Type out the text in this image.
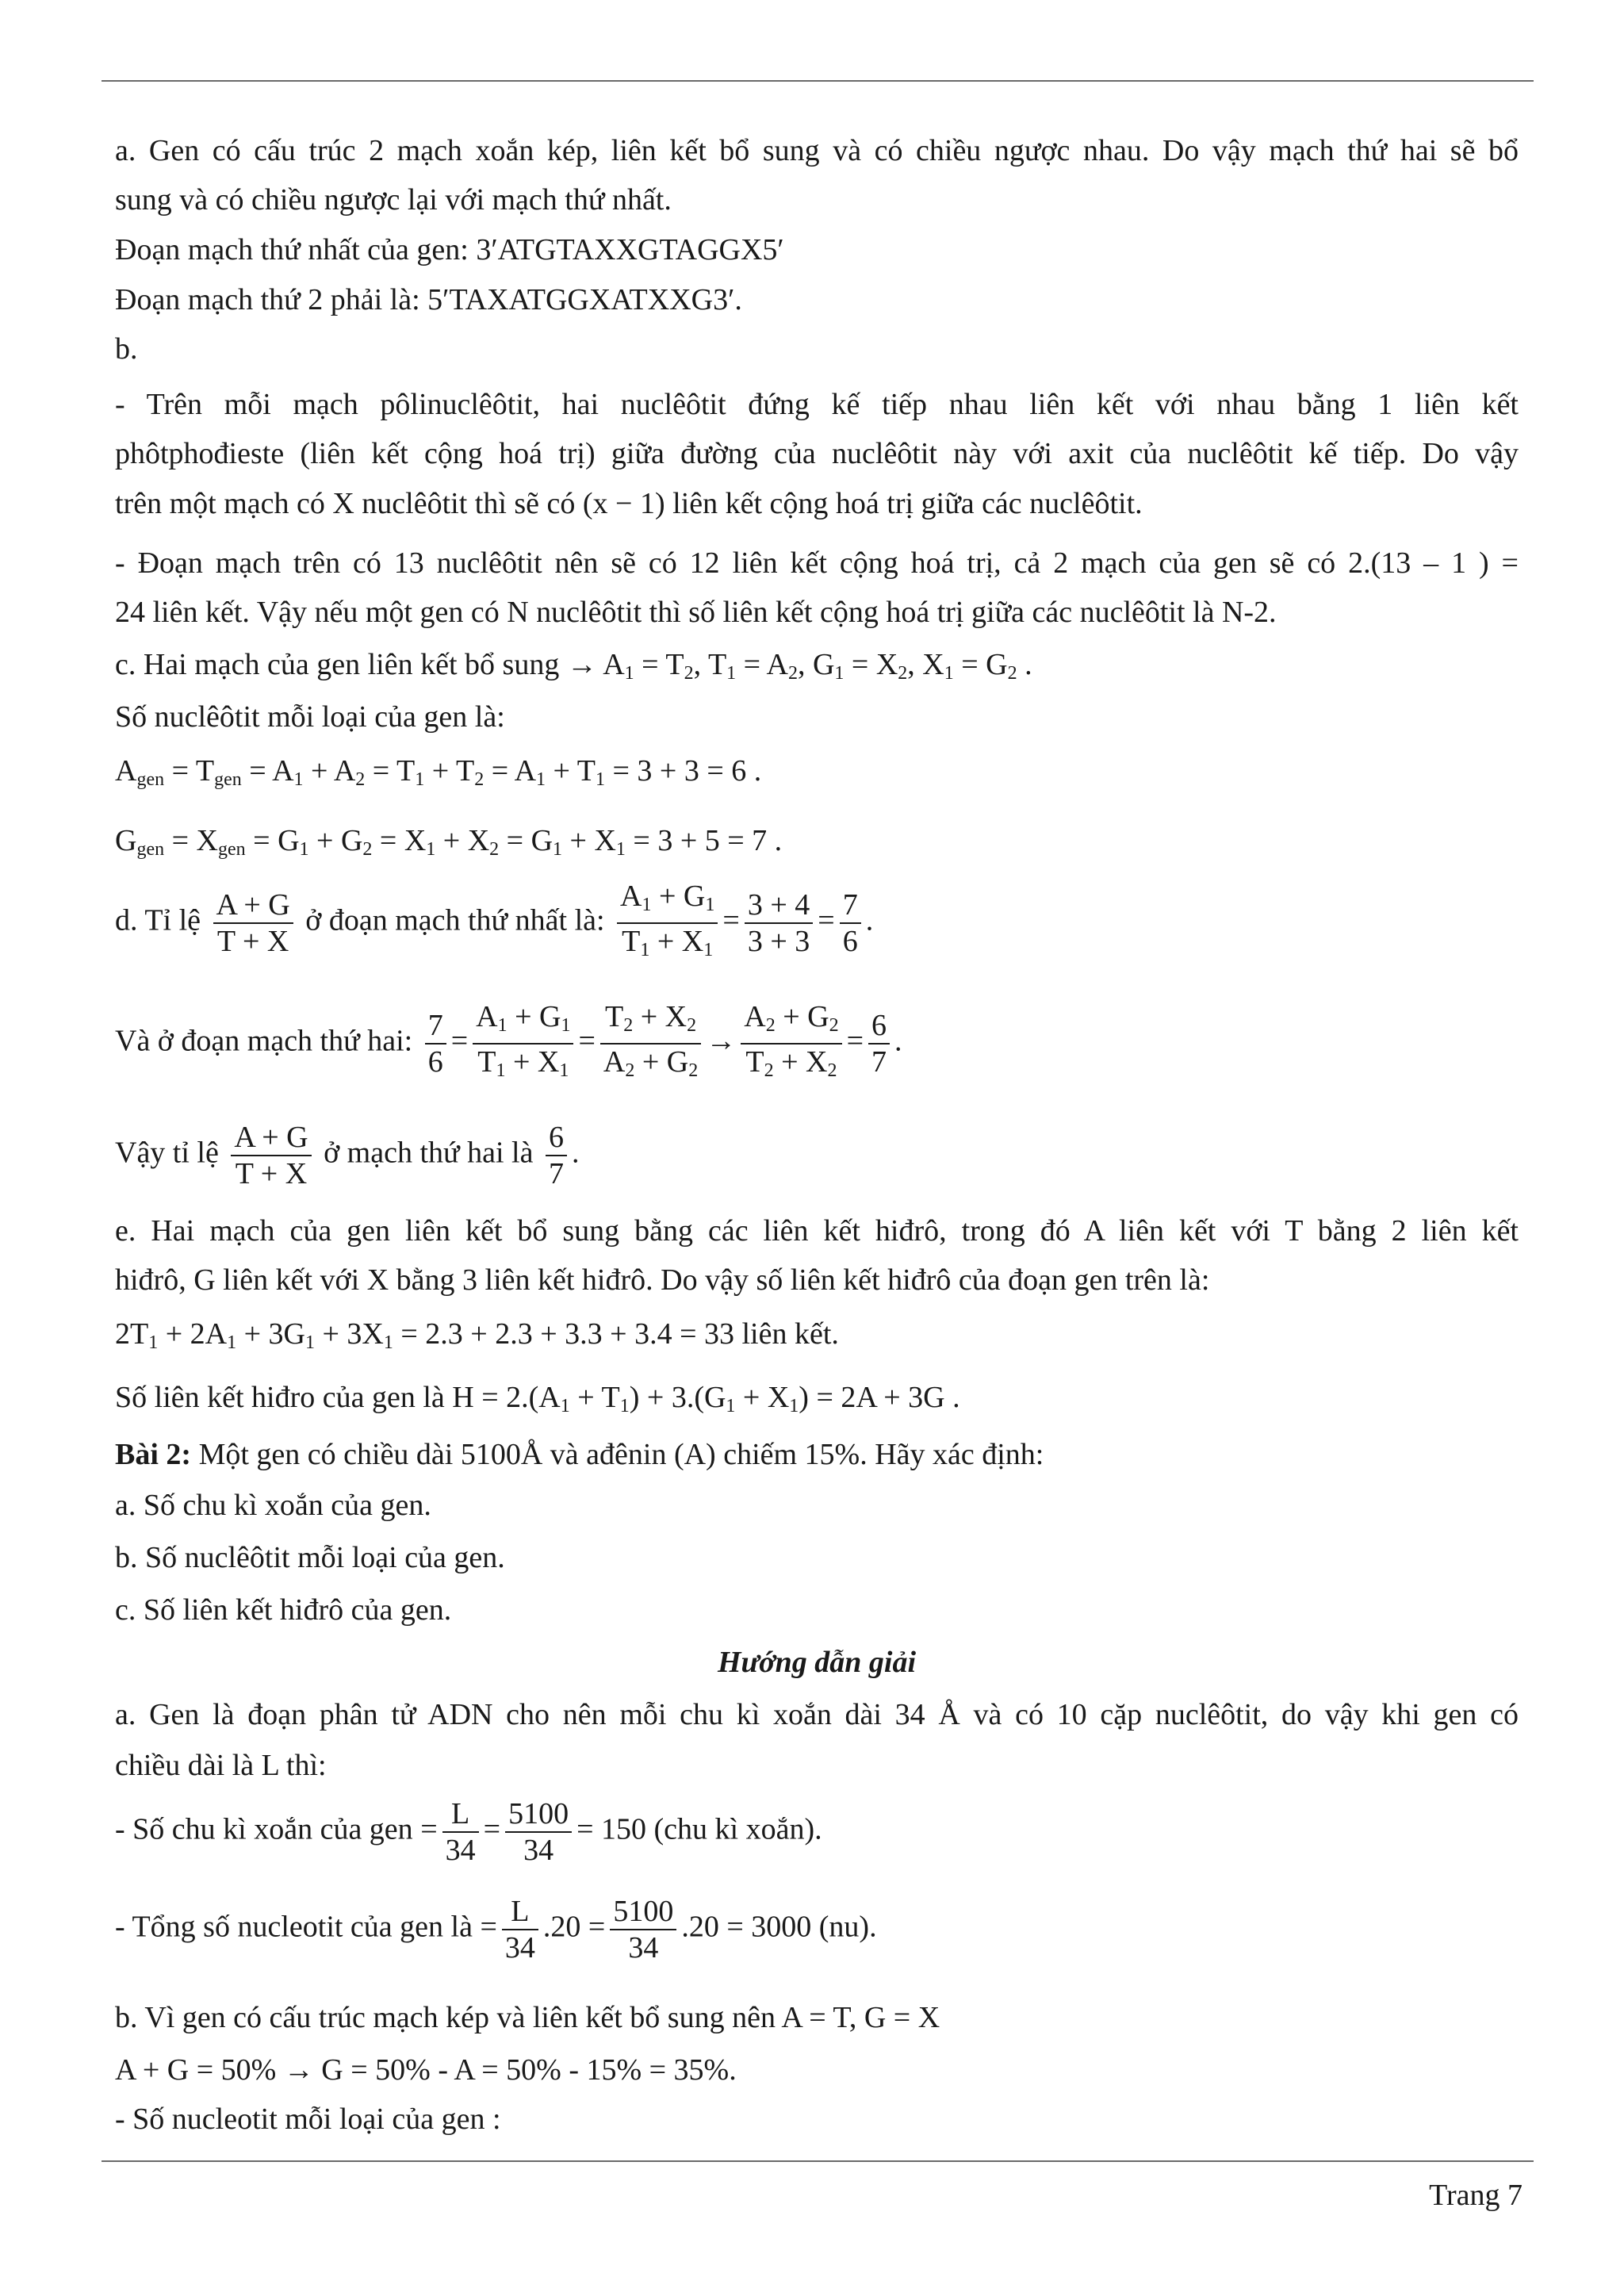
a. Gen có cấu trúc 2 mạch xoắn kép, liên kết bổ sung và có chiều ngược nhau. Do vậy mạch thứ hai sẽ bổ
sung và có chiều ngược lại với mạch thứ nhất.
Đoạn mạch thứ nhất của gen: 3′ATGTAXXGTAGGX5′
Đoạn mạch thứ 2 phải là: 5′TAXATGGXATXXG3′.
b.
- Trên mỗi mạch pôlinuclêôtit, hai nuclêôtit đứng kế tiếp nhau liên kết với nhau bằng 1 liên kết
phôtphođieste (liên kết cộng hoá trị) giữa đường của nuclêôtit này với axit của nuclêôtit kế tiếp. Do vậy
trên một mạch có X nuclêôtit thì sẽ có (x − 1) liên kết cộng hoá trị giữa các nuclêôtit.
- Đoạn mạch trên có 13 nuclêôtit nên sẽ có 12 liên kết cộng hoá trị, cả 2 mạch của gen sẽ có 2.(13 – 1 ) =
24 liên kết. Vậy nếu một gen có N nuclêôtit thì số liên kết cộng hoá trị giữa các nuclêôtit là N-2.
c. Hai mạch của gen liên kết bổ sung → $A_1 = T_2$, $T_1 = A_2$, $G_1 = X_2$, $X_1 = G_2$ .
Số nuclêôtit mỗi loại của gen là:
$A_{gen} = T_{gen} = A_1 + A_2 = T_1 + T_2 = A_1 + T_1 = 3 + 3 = 6$ .
$G_{gen} = X_{gen} = G_1 + G_2 = X_1 + X_2 = G_1 + X_1 = 3 + 5 = 7$ .
d. Tỉ lệ $\frac{A + G}{T + X}$ ở đoạn mạch thứ nhất là: $\frac{A_1 + G_1}{T_1 + X_1} = \frac{3 + 4}{3 + 3} = \frac{7}{6}$ .
Và ở đoạn mạch thứ hai: $\frac{7}{6} = \frac{A_1 + G_1}{T_1 + X_1} = \frac{T_2 + X_2}{A_2 + G_2} \to \frac{A_2 + G_2}{T_2 + X_2} = \frac{6}{7}$ .
Vậy tỉ lệ $\frac{A + G}{T + X}$ ở mạch thứ hai là $\frac{6}{7}$ .
e. Hai mạch của gen liên kết bổ sung bằng các liên kết hiđrô, trong đó A liên kết với T bằng 2 liên kết
hiđrô, G liên kết với X bằng 3 liên kết hiđrô. Do vậy số liên kết hiđrô của đoạn gen trên là:
$2T_1 + 2A_1 + 3G_1 + 3X_1 = 2.3 + 2.3 + 3.3 + 3.4 = 33$ liên kết.
Số liên kết hiđro của gen là $H = 2.(A_1 + T_1) + 3.(G_1 + X_1) = 2A + 3G$ .
Bài 2: Một gen có chiều dài 5100Å và ađênin (A) chiếm 15%. Hãy xác định:
a. Số chu kì xoắn của gen.
b. Số nuclêôtit mỗi loại của gen.
c. Số liên kết hiđrô của gen.
Hướng dẫn giải
a. Gen là đoạn phân tử ADN cho nên mỗi chu kì xoắn dài 34 Å và có 10 cặp nuclêôtit, do vậy khi gen có
chiều dài là L thì:
- Số chu kì xoắn của gen = $\frac{L}{34} = \frac{5100}{34} = 150$ (chu kì xoắn).
- Tổng số nucleotit của gen là = $\frac{L}{34} .20 = \frac{5100}{34} .20 = 3000$ (nu).
b. Vì gen có cấu trúc mạch kép và liên kết bổ sung nên A = T, G = X
A + G = 50% → G = 50% - A = 50% - 15% = 35%.
- Số nucleotit mỗi loại của gen :
Trang 7
